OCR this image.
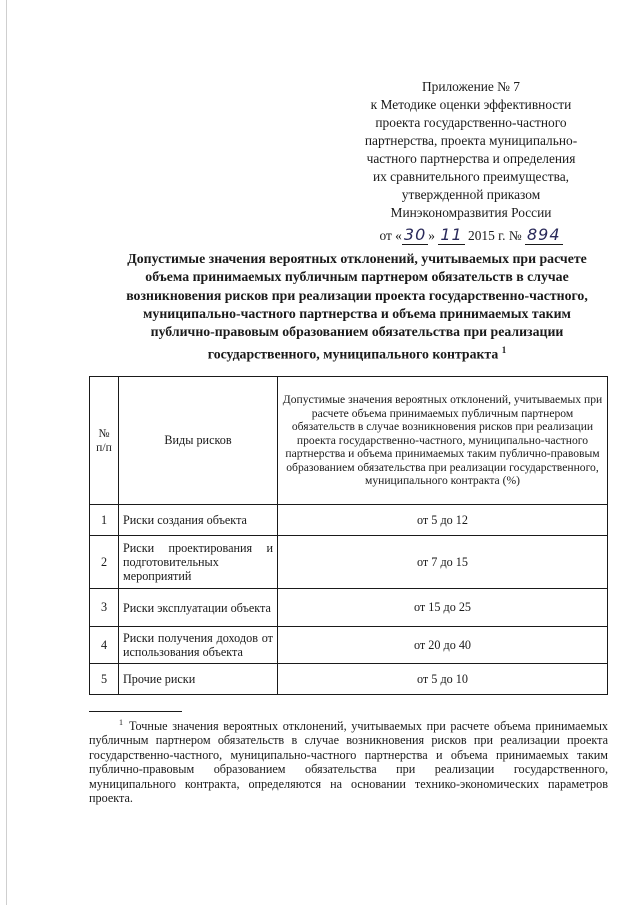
Приложение № 7
к Методике оценки эффективности
проекта государственно-частного
партнерства, проекта муниципально-
частного партнерства и определения
их сравнительного преимущества,
утвержденной приказом
Минэкономразвития России
от « 30 » 11 2015 г. № 894
Допустимые значения вероятных отклонений, учитываемых при расчете
объема принимаемых публичным партнером обязательств в случае
возникновения рисков при реализации проекта государственно-частного,
муниципально-частного партнерства и объема принимаемых таким
публично-правовым образованием обязательства при реализации
государственного, муниципального контракта $^1$
№ п/п	Виды рисков	Допустимые значения вероятных отклонений, учитываемых при расчете объема принимаемых публичным партнером обязательств в случае возникновения рисков при реализации проекта государственно-частного, муниципально-частного партнерства и объема принимаемых таким публично-правовым образованием обязательства при реализации государственного, муниципального контракта (%)
1	Риски создания объекта	от 5 до 12
2	Риски проектирования и подготовительных мероприятий	от 7 до 15
3	Риски эксплуатации объекта	от 15 до 25
4	Риски получения доходов от использования объекта	от 20 до 40
5	Прочие риски	от 5 до 10
$^1$ Точные значения вероятных отклонений, учитываемых при расчете объема принимаемых публичным партнером обязательств в случае возникновения рисков при реализации проекта государственно-частного, муниципально-частного партнерства и объема принимаемых таким публично-правовым образованием обязательства при реализации государственного, муниципального контракта, определяются на основании технико-экономических параметров проекта.
